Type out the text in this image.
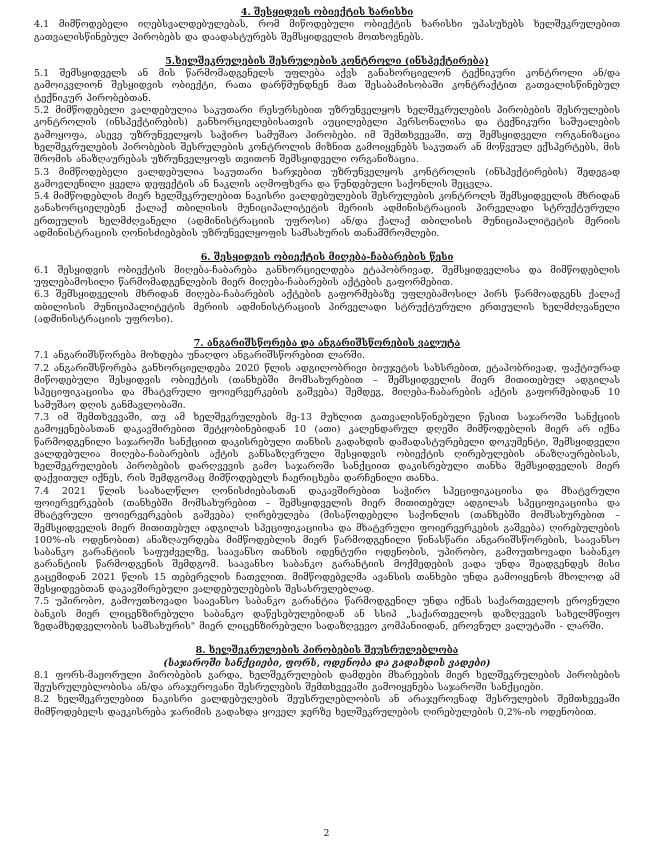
4. შესყიდვის ობიექტის ხარისხი

4.1 მიმწოდებელი იღებსვალდებულებას, რომ მიწოდებული ობიექტის ხარისხი უპასუხებს ხელშეკრულებით გათვალისწინებულ პირობებს და დაადასტურებს შემსყიდველის მოთხოვნებს.

5.ხელშეკრულების შესრულების კონტროლი (ინსპექტირება)

5.1 შემსყიდველს ან მის წარმომადგენელს უფლება აქვს განახორციელონ ტექნიკური კონტროლი ან/და გამოიკვლიონ შესყიდვის ობიექტი, რათა დარწმუნდნენ მათ შესაბამისობაში კონტრაქტით გათვალისწინებულ ტექნიკურ პირობებთან.

5.2 მიმწოდებელი ვალდებულია საკუთარი რესურსებით უზრუნველყოს ხელშეკრულების პირობების შესრულების კონტროლის (ინსპექტირების) განხორციელებისათვის აუცილებელი პერსონალისა და ტექნიკური საშუალების გამოყოფა, ასევე უზრუნველყოს საჭირო სამუშაო პირობები. იმ შემთხვევაში, თუ შემსყიდველი ორგანიზაცია ხელშეკრულების პირობების შესრულების კონტროლის მიზნით გამოიყენებს საკუთარ ან მოწვეულ ექსპერტებს, მის შრომის ანაზღაურებას უზრუნველყოფს თვითონ შემსყიდველი ორგანიზაცია.

5.3 მიმწოდებელი ვალდებულია საკუთარი ხარჯებით უზრუნველყოს კონტროლის (ინსპექტირების) შედეგად გამოვლენილი ყველა დეფექტის ან ნაკლის აღმოფხვრა და წუნდებული საქონლის შეცვლა.

5.4 მიმწოდებლის მიერ ხელშეკრულებით ნაკისრი ვალდებულების შესრულების კონტროლს შემსყიდველის მხრიდან განახორციელებენ ქალაქ თბილისის მუნიციპალიტეტის მერიის ადმინისტრაციის პირველადი სტრუქტურული ერთეულის ხელმძღვანელი (ადმინისტრაციის უფროსი) ან/და ქალაქ თბილისის მუნიციპალიტეტის მერიის ადმინისტრაციის ღონისძიებების უზრუნველყოფის სამსახურის თანამშრომლები.

6. შესყიდვის ობიექტის მიღება-ჩაბარების წესი

6.1 შესყიდვის ობიექტის მიღება-ჩაბარება განხორციელდება ეტაპობრივად, შემსყიდველისა და მიმწოდებლის უფლებამოსილი წარმომადგენლების მიერ მიღება-ჩაბარების აქტების გაფორმებით.

6.3 შემსყიდველის მხრიდან მიღება-ჩაბარების აქტების გაფორმებაზე უფლებამოსილ პირს წარმოადგენს ქალაქ თბილისის მუნიციპალიტეტის მერიის ადმინისტრაციის პირველადი სტრუქტურული ერთეულის ხელმძღვანელი (ადმინისტრაციის უფროსი).

7. ანგარიშსწორება და ანგარიშსწორების ვალუტა

7.1 ანგარიშსწორება მოხდება უნაღდო ანგარიშსწორებით ლარში.

7.2 ანგარიშსწორება განხორციელდება 2020 წლის ადგილობრივი ბიუჯეტის სახსრებით, ეტაპობრივად, ფაქტიურად მიწოდებული შესყიდვის ობიექტის (თანხებში მომსახურებით – შემსყიდველის მიერ მითითებულ ადგილას სპეციფიკაციისა და მხატვრული ფოიერვერკების გაშვება) შემდეგ, მიღება-ჩაბარების აქტის გაფორმებიდან 10 სამუშაო დღის განმავლობაში.

7.3 იმ შემთხვევაში, თუ ამ ხელშეკრულების მე-13 მუხლით გათვალისწინებული წესით საჯაროში სანქციის გამოყენებასთან დაკავშირებით შეტყობინებიდან 10 (ათი) კალენდარულ დღეში მიმწოდებლის მიერ არ იქნა წარმოდგენილი საჯაროში სანქციით დაკისრებული თანხის გადახდის დამადასტურებელი დოკუმენტი, შემსყიდველი ვალდებულია მიღება-ჩაბარების აქტის განსაზღვრული შესყიდვის ობიექტის ღირებულების ანაზღაურებისას, ხელშეკრულების პირობების დარღვევის გამო საჯაროში სანქციით დაკისრებული თანხა შემსყიდველის მიერ დაქვითულ იქნეს, რის შემდგომაც მიმწოდებელს ჩაერიცხება დარჩენილი თანხა.

7.4 2021 წლის საახალწლო ღონისძიებასთან დაკავშირებით საჭირო სპეციფიკაციისა და მხატვრული ფოიერვერკების (თანხებში მომსახურებით – შემსყიდველის მიერ მითითებულ ადგილას სპეციფიკაციისა და მხატვრული ფოიერვერკების გაშვება) ღირებულება (მისაწოდებელი საქონლის (თანხებში მომსახურებით – შემსყიდველის მიერ მითითებულ ადგილას სპეციფიკაციისა და მხატვრული ფოიერვერკების გაშვება) ღირებულების 100%-ის ოდენობით) ანაზღაურდება მიმწოდებლის მიერ წარმოდგენილი წინასწარი ანგარიშსწორების, საავანსო საბანკო გარანტიის საფუძველზე, საავანსო თანხის იდენტური ოდენობის, უპირობო, გამოუთხოვადი საბანკო გარანტიის წარმოდგენის შემდგომ. საავანსო საბანკო გარანტიის მოქმედების ვადა უნდა შეადგენდეს მისი გაცემიდან 2021 წლის 15 თებერვლის ჩათვლით. მიმწოდებელმა ავანსის თანხები უნდა გამოიყენოს მხოლოდ ამ შესყიდვებთან დაკავშირებული ვალდებულებების შესასრულებლად.

7.5 უპირობო, გამოუთხოვადი საავანსო საბანკო გარანტია წარმოდგენილ უნდა იქნას საქართველოს ეროვნული ბანკის მიერ ლიცენზირებული საბანკო დაწესებულებიდან ან სსიპ „საქართველოს დაზღვევის სახელმწიფო ზედამხედველობის სამსახურის" მიერ ლიცენზირებული სადაზღვევო კომპანიიდან, ეროვნულ ვალუტაში - ლარში.

8. ხელშეკრულების პირობების შეუსრულებლობა
(საჯაროში სანქციები, ფორს, ოდენობა და გადახდის ვადები)

8.1 ფორს-მაჟორული პირობების გარდა, ხელშეკრულების დამდები მხარეების მიერ ხელშეკრულების პირობების შეუსრულებლობისა ან/და არაჯეროვანი შესრულების შემთხვევაში გამოიყენება საჯაროში სანქციები.

8.2 ხელშეკრულებით ნაკისრი ვალდებულების შეუსრულებლობის ან არაჯეროვნად შესრულების შემთხვევაში მიმწოდებელს დაეკისრება ჯარიმის გადახდა ყოველ ჯერზე ხელშეკრულების ღირებულების 0,2%-ის ოდენობით.

2
